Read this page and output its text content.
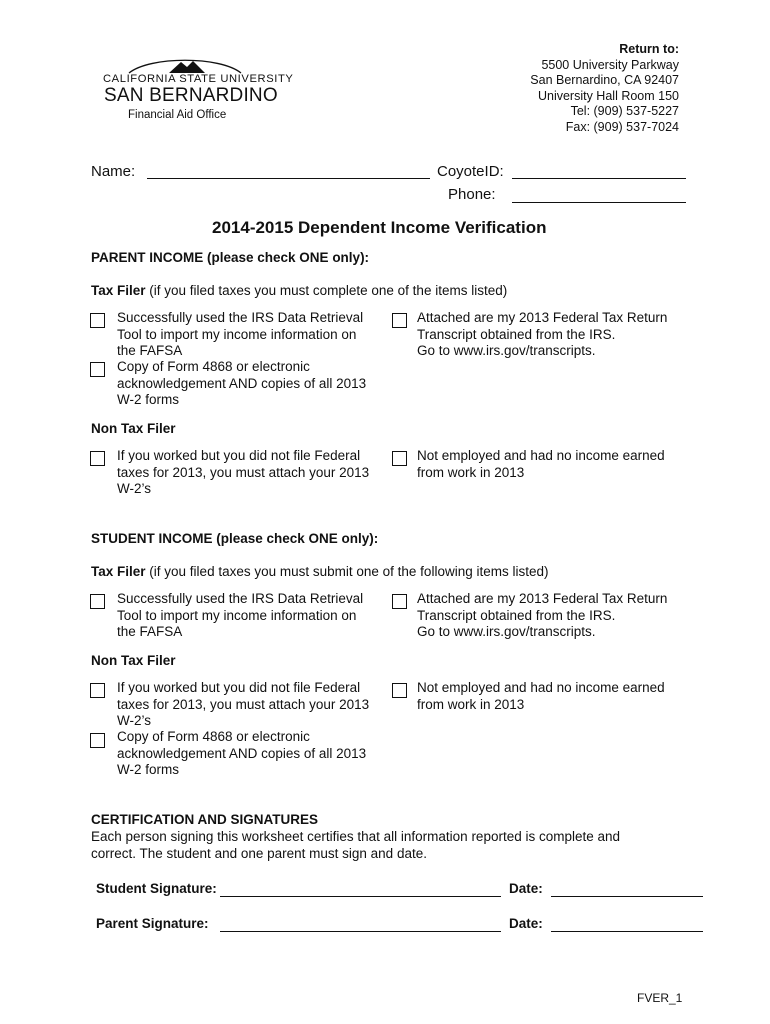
CALIFORNIA STATE UNIVERSITY
SAN BERNARDINO
Financial Aid Office
Return to:
5500 University Parkway
San Bernardino, CA 92407
University Hall Room 150
Tel: (909) 537-5227
Fax: (909) 537-7024
Name:	CoyoteID:
Phone:
2014-2015 Dependent Income Verification
PARENT INCOME (please check ONE only):
Tax Filer (if you filed taxes you must complete one of the items listed)
Successfully used the IRS Data Retrieval
Tool to import my income information on
the FAFSA
Attached are my 2013 Federal Tax Return
Transcript obtained from the IRS.
Go to www.irs.gov/transcripts.
Copy of Form 4868 or electronic
acknowledgement AND copies of all 2013
W-2 forms
Non Tax Filer
If you worked but you did not file Federal
taxes for 2013, you must attach your 2013
W-2’s
Not employed and had no income earned
from work in 2013
STUDENT INCOME (please check ONE only):
Tax Filer (if you filed taxes you must submit one of the following items listed)
Successfully used the IRS Data Retrieval
Tool to import my income information on
the FAFSA
Attached are my 2013 Federal Tax Return
Transcript obtained from the IRS.
Go to www.irs.gov/transcripts.
Non Tax Filer
If you worked but you did not file Federal
taxes for 2013, you must attach your 2013
W-2’s
Not employed and had no income earned
from work in 2013
Copy of Form 4868 or electronic
acknowledgement AND copies of all 2013
W-2 forms
CERTIFICATION AND SIGNATURES
Each person signing this worksheet certifies that all information reported is complete and
correct. The student and one parent must sign and date.
Student Signature:	Date:
Parent Signature:	Date:
FVER_1
